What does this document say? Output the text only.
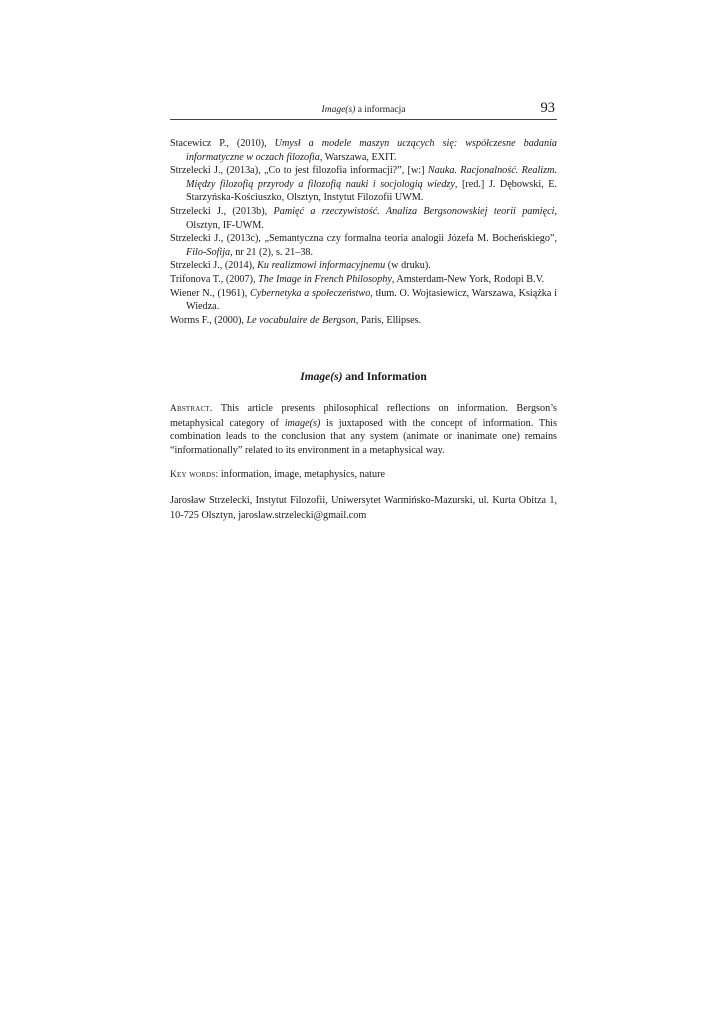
Image(s) a informacja	93

Stacewicz P., (2010), Umysł a modele maszyn uczących się: współczesne badania informatyczne w oczach filozofia, Warszawa, EXIT.

Strzelecki J., (2013a), „Co to jest filozofia informacji?”, [w:] Nauka. Racjonalność. Realizm. Między filozofią przyrody a filozofią nauki i socjologią wiedzy, [red.] J. Dębowski, E. Starzyńska-Kościuszko, Olsztyn, Instytut Filozofii UWM.

Strzelecki J., (2013b), Pamięć a rzeczywistość. Analiza Bergsonowskiej teorii pamięci, Olsztyn, IF-UWM.

Strzelecki J., (2013c), „Semantyczna czy formalna teoria analogii Józefa M. Bocheńskiego”, Filo-Sofija, nr 21 (2), s. 21–38.

Strzelecki J., (2014), Ku realizmowi informacyjnemu (w druku).

Trifonova T., (2007), The Image in French Philosophy, Amsterdam-New York, Rodopi B.V.

Wiener N., (1961), Cybernetyka a społeczeństwo, tłum. O. Wojtasiewicz, Warszawa, Książka i Wiedza.

Worms F., (2000), Le vocabulaire de Bergson, Paris, Ellipses.

Image(s) and Information

Abstract. This article presents philosophical reflections on information. Bergson’s metaphysical category of image(s) is juxtaposed with the concept of information. This combination leads to the conclusion that any system (animate or inanimate one) remains “informationally” related to its environment in a metaphysical way.

Key words: information, image, metaphysics, nature

Jarosław Strzelecki, Instytut Filozofii, Uniwersytet Warmińsko-Mazurski, ul. Kurta Obitza 1, 10-725 Olsztyn, jaroslaw.strzelecki@gmail.com
